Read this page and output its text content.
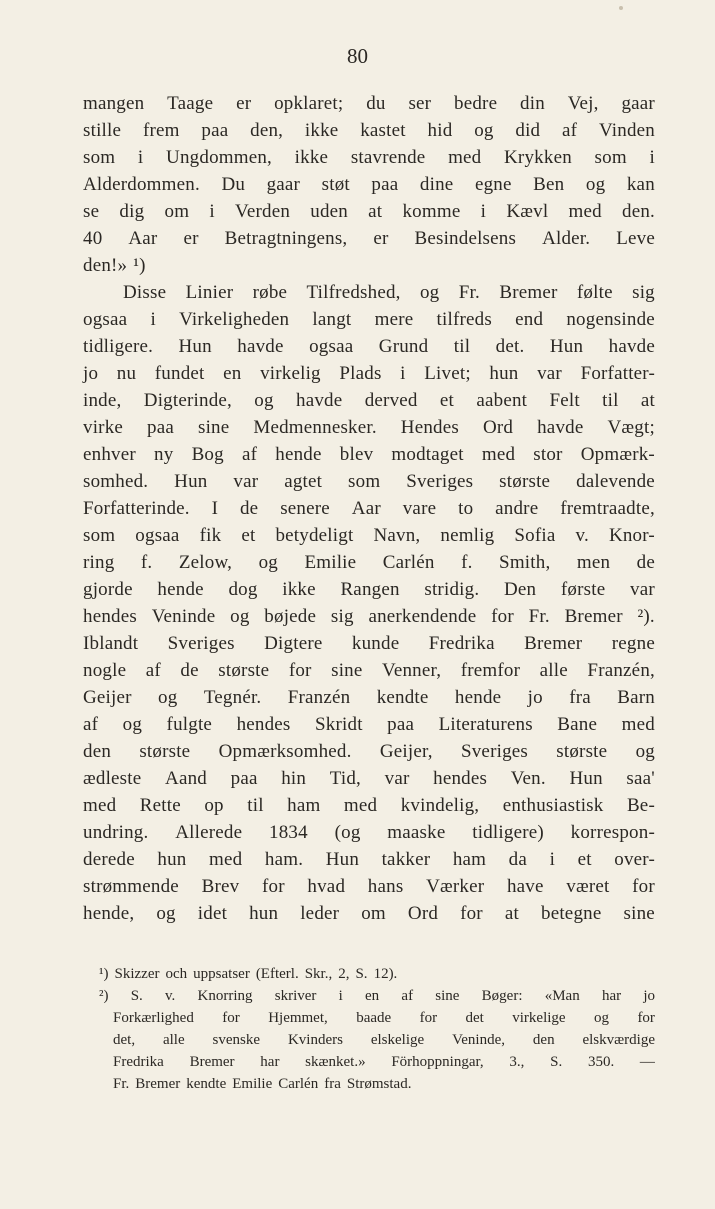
80
mangen Taage er opklaret; du ser bedre din Vej, gaar
stille frem paa den, ikke kastet hid og did af Vinden
som i Ungdommen, ikke stavrende med Krykken som i
Alderdommen. Du gaar støt paa dine egne Ben og kan
se dig om i Verden uden at komme i Kævl med den.
40 Aar er Betragtningens, er Besindelsens Alder. Leve
den!» ¹)
Disse Linier røbe Tilfredshed, og Fr. Bremer følte sig
ogsaa i Virkeligheden langt mere tilfreds end nogensinde
tidligere. Hun havde ogsaa Grund til det. Hun havde
jo nu fundet en virkelig Plads i Livet; hun var Forfatter-
inde, Digterinde, og havde derved et aabent Felt til at
virke paa sine Medmennesker. Hendes Ord havde Vægt;
enhver ny Bog af hende blev modtaget med stor Opmærk-
somhed. Hun var agtet som Sveriges største dalevende
Forfatterinde. I de senere Aar vare to andre fremtraadte,
som ogsaa fik et betydeligt Navn, nemlig Sofia v. Knor-
ring f. Zelow, og Emilie Carlén f. Smith, men de
gjorde hende dog ikke Rangen stridig. Den første var
hendes Veninde og bøjede sig anerkendende for Fr. Bremer ²).
Iblandt Sveriges Digtere kunde Fredrika Bremer regne
nogle af de største for sine Venner, fremfor alle Franzén,
Geijer og Tegnér. Franzén kendte hende jo fra Barn
af og fulgte hendes Skridt paa Literaturens Bane med
den største Opmærksomhed. Geijer, Sveriges største og
ædleste Aand paa hin Tid, var hendes Ven. Hun saa'
med Rette op til ham med kvindelig, enthusiastisk Be-
undring. Allerede 1834 (og maaske tidligere) korrespon-
derede hun med ham. Hun takker ham da i et over-
strømmende Brev for hvad hans Værker have været for
hende, og idet hun leder om Ord for at betegne sine
¹) Skizzer och uppsatser (Efterl. Skr., 2, S. 12).
²) S. v. Knorring skriver i en af sine Bøger: «Man har jo
Forkærlighed for Hjemmet, baade for det virkelige og for
det, alle svenske Kvinders elskelige Veninde, den elskværdige
Fredrika Bremer har skænket.» Förhoppningar, 3., S. 350. —
Fr. Bremer kendte Emilie Carlén fra Strømstad.
